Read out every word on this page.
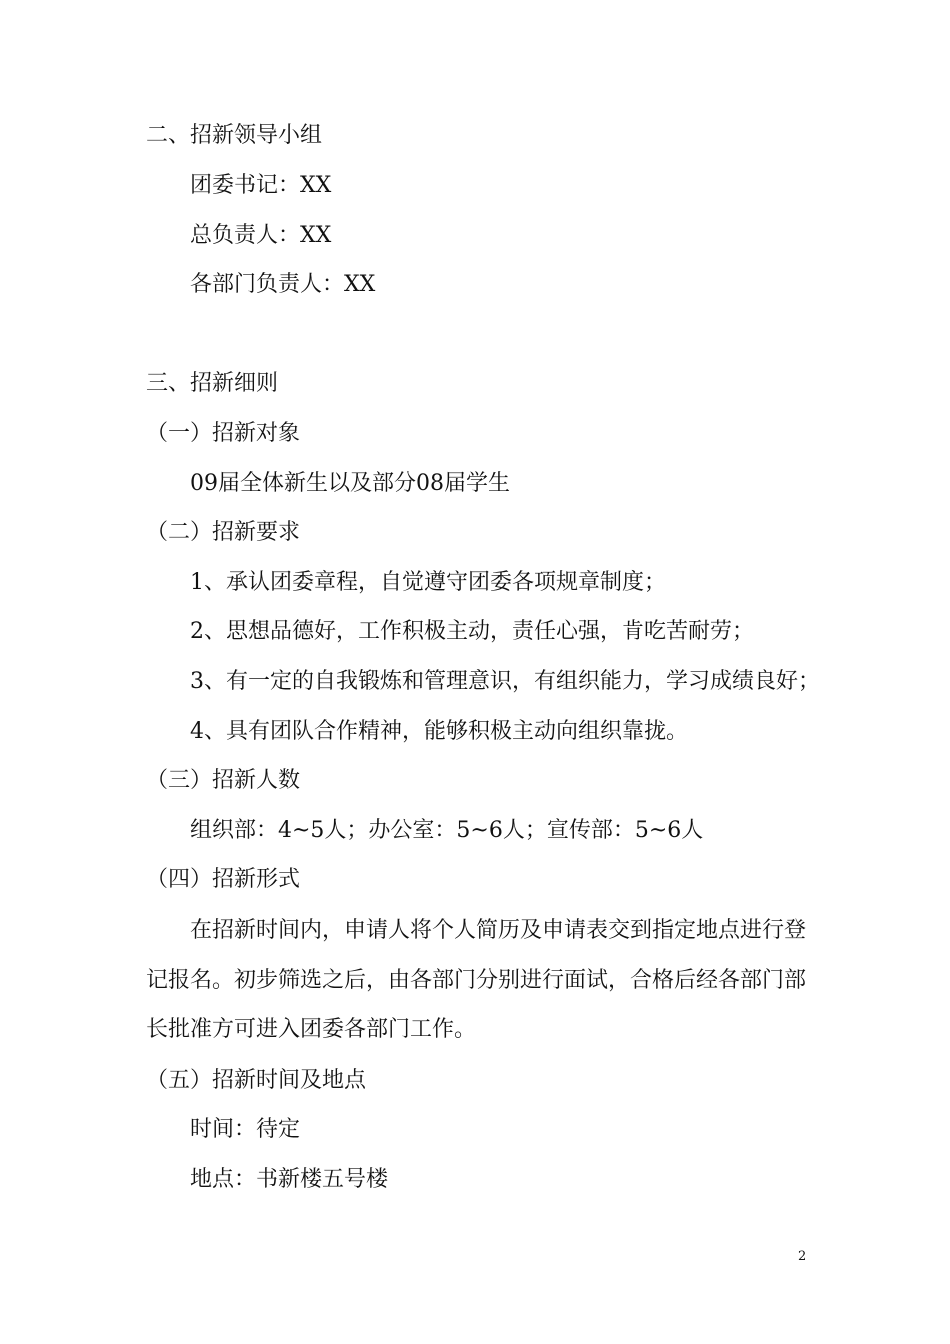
二、招新领导小组
团委书记：XX
总负责人：XX
各部门负责人：XX
三、招新细则
（一）招新对象
09届全体新生以及部分08届学生
（二）招新要求
1、承认团委章程，自觉遵守团委各项规章制度；
2、思想品德好，工作积极主动，责任心强，肯吃苦耐劳；
3、有一定的自我锻炼和管理意识，有组织能力，学习成绩良好；
4、具有团队合作精神，能够积极主动向组织靠拢。
（三）招新人数
组织部：4~5人；办公室：5~6人；宣传部：5~6人
（四）招新形式
在招新时间内，申请人将个人简历及申请表交到指定地点进行登记报名。初步筛选之后，由各部门分别进行面试，合格后经各部门部长批准方可进入团委各部门工作。
（五）招新时间及地点
时间：待定
地点：书新楼五号楼
2
